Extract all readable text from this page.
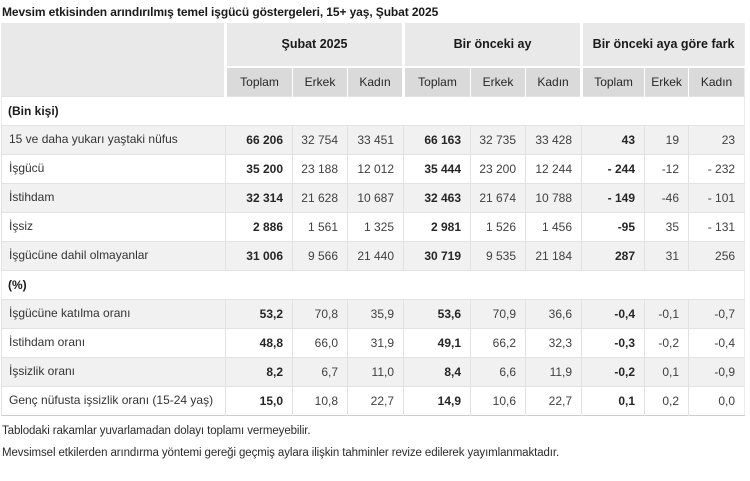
Mevsim etkisinden arındırılmış temel işgücü göstergeleri, 15+ yaş, Şubat 2025
	Şubat 2025			Bir önceki ay			Bir önceki aya göre fark		
	Toplam	Erkek	Kadın	Toplam	Erkek	Kadın	Toplam	Erkek	Kadın
(Bin kişi)									
15 ve daha yukarı yaştaki nüfus	66 206	32 754	33 451	66 163	32 735	33 428	43	19	23
İşgücü	35 200	23 188	12 012	35 444	23 200	12 244	- 244	-12	- 232
İstihdam	32 314	21 628	10 687	32 463	21 674	10 788	- 149	-46	- 101
İşsiz	2 886	1 561	1 325	2 981	1 526	1 456	-95	35	- 131
İşgücüne dahil olmayanlar	31 006	9 566	21 440	30 719	9 535	21 184	287	31	256
(%)									
İşgücüne katılma oranı	53,2	70,8	35,9	53,6	70,9	36,6	-0,4	-0,1	-0,7
İstihdam oranı	48,8	66,0	31,9	49,1	66,2	32,3	-0,3	-0,2	-0,4
İşsizlik oranı	8,2	6,7	11,0	8,4	6,6	11,9	-0,2	0,1	-0,9
Genç nüfusta işsizlik oranı (15-24 yaş)	15,0	10,8	22,7	14,9	10,6	22,7	0,1	0,2	0,0

Tablodaki rakamlar yuvarlamadan dolayı toplamı vermeyebilir.

Mevsimsel etkilerden arındırma yöntemi gereği geçmiş aylara ilişkin tahminler revize edilerek yayımlanmaktadır.
